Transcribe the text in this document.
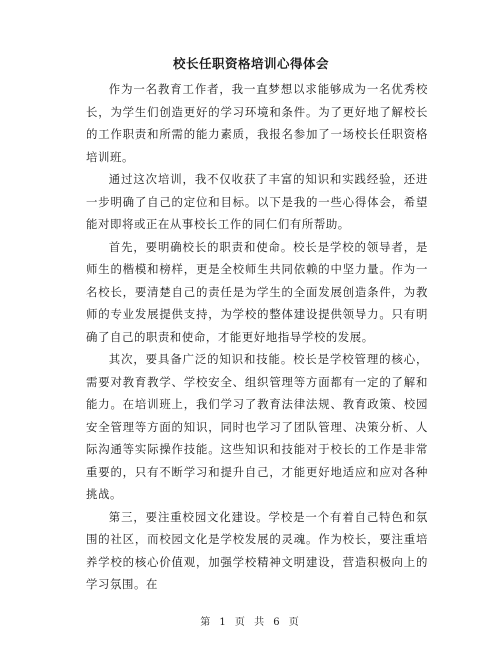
校长任职资格培训心得体会

作为一名教育工作者，我一直梦想以求能够成为一名优秀校长，为学生们创造更好的学习环境和条件。为了更好地了解校长的工作职责和所需的能力素质，我报名参加了一场校长任职资格培训班。

通过这次培训，我不仅收获了丰富的知识和实践经验，还进一步明确了自己的定位和目标。以下是我的一些心得体会，希望能对即将或正在从事校长工作的同仁们有所帮助。

首先，要明确校长的职责和使命。校长是学校的领导者，是师生的楷模和榜样，更是全校师生共同依赖的中坚力量。作为一名校长，要清楚自己的责任是为学生的全面发展创造条件，为教师的专业发展提供支持，为学校的整体建设提供领导力。只有明确了自己的职责和使命，才能更好地指导学校的发展。

其次，要具备广泛的知识和技能。校长是学校管理的核心，需要对教育教学、学校安全、组织管理等方面都有一定的了解和能力。在培训班上，我们学习了教育法律法规、教育政策、校园安全管理等方面的知识，同时也学习了团队管理、决策分析、人际沟通等实际操作技能。这些知识和技能对于校长的工作是非常重要的，只有不断学习和提升自己，才能更好地适应和应对各种挑战。

第三，要注重校园文化建设。学校是一个有着自己特色和氛围的社区，而校园文化是学校发展的灵魂。作为校长，要注重培养学校的核心价值观，加强学校精神文明建设，营造积极向上的学习氛围。在

第 1 页 共 6 页
